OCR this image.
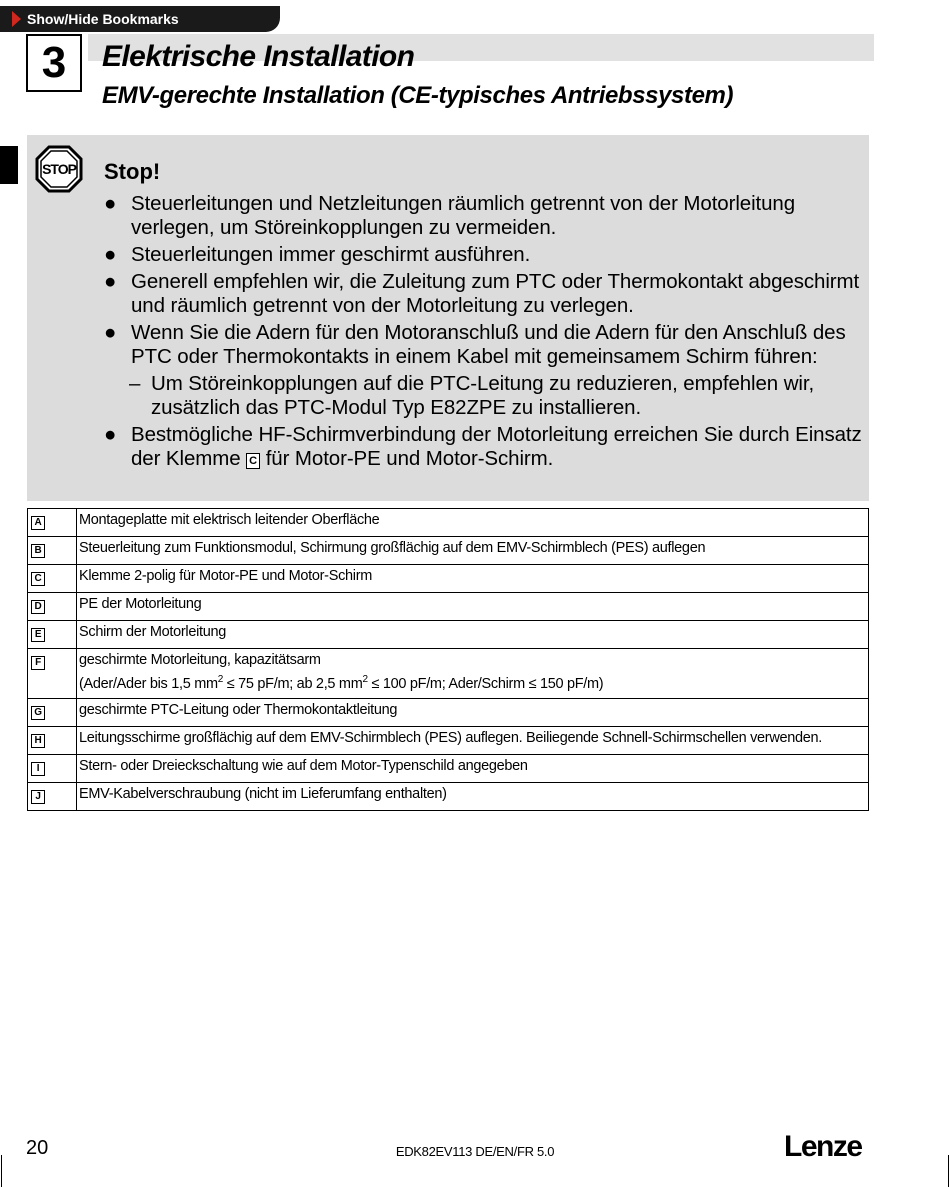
Show/Hide Bookmarks
3	Elektrische Installation
EMV-gerechte Installation (CE-typisches Antriebssystem)
STOP Stop!
● Steuerleitungen und Netzleitungen räumlich getrennt von der Motorleitung verlegen, um Störeinkopplungen zu vermeiden.
● Steuerleitungen immer geschirmt ausführen.
● Generell empfehlen wir, die Zuleitung zum PTC oder Thermokontakt abgeschirmt und räumlich getrennt von der Motorleitung zu verlegen.
● Wenn Sie die Adern für den Motoranschluß und die Adern für den Anschluß des PTC oder Thermokontakts in einem Kabel mit gemeinsamem Schirm führen:
– Um Störeinkopplungen auf die PTC-Leitung zu reduzieren, empfehlen wir, zusätzlich das PTC-Modul Typ E82ZPE zu installieren.
● Bestmögliche HF-Schirmverbindung der Motorleitung erreichen Sie durch Einsatz der Klemme C für Motor-PE und Motor-Schirm.
A	Montageplatte mit elektrisch leitender Oberfläche
B	Steuerleitung zum Funktionsmodul, Schirmung großflächig auf dem EMV-Schirmblech (PES) auflegen
C	Klemme 2-polig für Motor-PE und Motor-Schirm
D	PE der Motorleitung
E	Schirm der Motorleitung
F	geschirmte Motorleitung, kapazitätsarm
(Ader/Ader bis 1,5 $mm^2 \le 75$ pF/m; ab 2,5 $mm^2 \le 100$ pF/m; Ader/Schirm ≤ 150 pF/m)

G	geschirmte PTC-Leitung oder Thermokontaktleitung
H	Leitungsschirme großflächig auf dem EMV-Schirmblech (PES) auflegen. Beiliegende Schnell-Schirmschellen verwenden.
I	Stern- oder Dreieckschaltung wie auf dem Motor-Typenschild angegeben
J	EMV-Kabelverschraubung (nicht im Lieferumfang enthalten)
20	EDK82EV113 DE/EN/FR 5.0	Lenze
